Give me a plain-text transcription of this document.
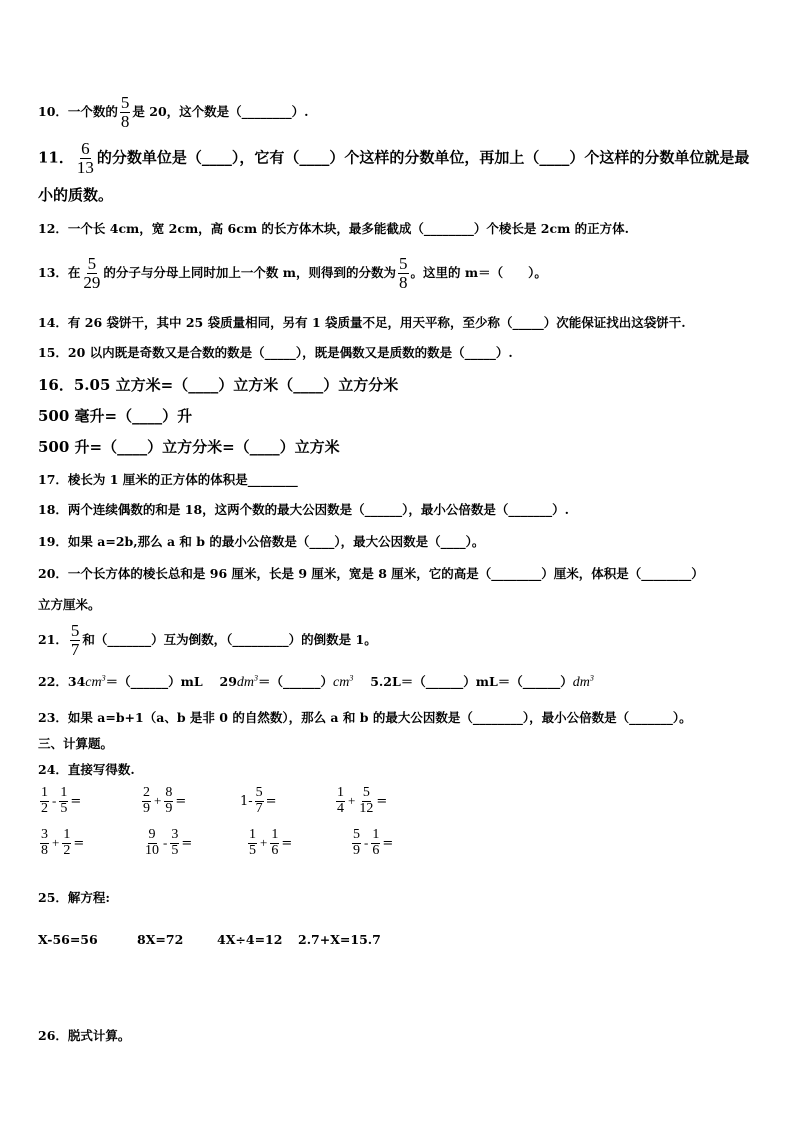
10．一个数的 $\frac{5}{8}$ 是 20，这个数是（________）.
11． $\frac{6}{13}$ 的分数单位是（____），它有（____）个这样的分数单位，再加上（____）个这样的分数单位就是最
小的质数。
12．一个长 4cm，宽 2cm，高 6cm 的长方体木块，最多能截成（________）个棱长是 2cm 的正方体.
13．在 $\frac{5}{29}$ 的分子与分母上同时加上一个数 m，则得到的分数为 $\frac{5}{8}$ 。这里的 m＝（　　）。
14．有 26 袋饼干，其中 25 袋质量相同，另有 1 袋质量不足，用天平称，至少称（_____）次能保证找出这袋饼干.
15．20 以内既是奇数又是合数的数是（_____），既是偶数又是质数的数是（_____）.
16．5.05 立方米=（____）立方米（____）立方分米
500 毫升=（____）升
500 升=（____）立方分米=（____）立方米
17．棱长为 1 厘米的正方体的体积是________
18．两个连续偶数的和是 18，这两个数的最大公因数是（______），最小公倍数是（_______）.
19．如果 a=2b,那么 a 和 b 的最小公倍数是（____），最大公因数是（____）。
20．一个长方体的棱长总和是 96 厘米，长是 9 厘米，宽是 8 厘米，它的高是（________）厘米，体积是（________）
立方厘米。
21． $\frac{5}{7}$ 和（_______）互为倒数，（_________）的倒数是 1。
22．$34cm^3=(\_\_\_\_\_\_)mL$　 $29dm^3=(\_\_\_\_\_\_)cm^3$　 $5.2L=(\_\_\_\_\_\_)mL=(\_\_\_\_\_\_)dm^3$
23．如果 a=b+1（a、b 是非 0 的自然数），那么 a 和 b 的最大公因数是（________），最小公倍数是（_______）。
三、计算题。
24．直接写得数.
$\frac{1}{2} - \frac{1}{5}$ =	$\frac{2}{9} + \frac{8}{9}$ =	$1- \frac{5}{7}$ =	$\frac{1}{4} + \frac{5}{12}$ =
$\frac{3}{8} + \frac{1}{2}$ =	$\frac{9}{10} - \frac{3}{5}$ =	$\frac{1}{5} + \frac{1}{6}$ =	$\frac{5}{9} - \frac{1}{6}$ =
25．解方程:
X-56=56	8X=72	4X÷4=12 2.7+X=15.7
26．脱式计算。
